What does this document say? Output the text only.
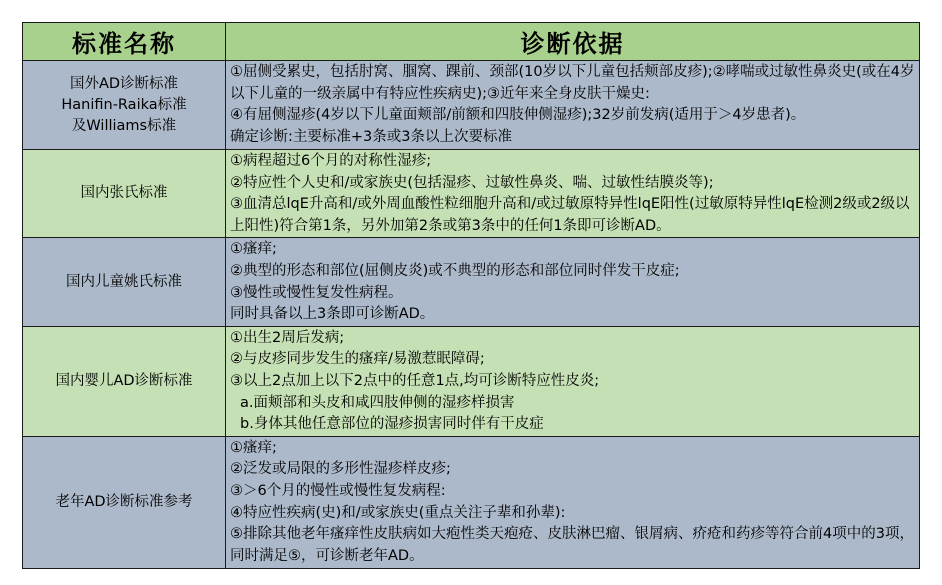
标准名称	诊断依据

国外AD诊断标准
Hanifin-Raika标准
及Williams标准	①屈侧受累史，包括肘窝、腘窝、踝前、颈部(10岁以下儿童包括颊部皮疹);②哮喘或过敏性鼻炎史(或在4岁以下儿童的一级亲属中有特应性疾病史);③近年来全身皮肤干燥史:
④有屈侧湿疹(4岁以下儿童面颊部/前额和四肢伸侧湿疹);32岁前发病(适用于＞4岁患者)。
确定诊断:主要标准+3条或3条以上次要标准

国内张氏标准	①病程超过6个月的对称性湿疹;
②特应性个人史和/或家族史(包括湿疹、过敏性鼻炎、喘、过敏性结膜炎等);
③血清总lqE升高和/或外周血酸性粒细胞升高和/或过敏原特异性lqE阳性(过敏原特异性lqE检测2级或2级以上阳性)符合第1条，另外加第2条或第3条中的任何1条即可诊断AD。

国内儿童姚氏标准	①瘙痒;
②典型的形态和部位(屈侧皮炎)或不典型的形态和部位同时伴发干皮症;
③慢性或慢性复发性病程。
同时具备以上3条即可诊断AD。

国内婴儿AD诊断标准	①出生2周后发病;
②与皮疹同步发生的瘙痒/易激惹眠障碍;
③以上2点加上以下2点中的任意1点,均可诊断特应性皮炎;
a.面颊部和头皮和咸四肢伸侧的湿疹样损害
b.身体其他任意部位的湿疹损害同时伴有干皮症

老年AD诊断标准参考	①瘙痒;
②泛发或局限的多形性湿疹样皮疹;
③＞6个月的慢性或慢性复发病程:
④特应性疾病(史)和/或家族史(重点关注子辈和孙辈):
⑤排除其他老年瘙痒性皮肤病如大疱性类天疱疮、皮肤淋巴瘤、银屑病、疥疮和药疹等符合前4项中的3项，同时满足⑤，可诊断老年AD。
